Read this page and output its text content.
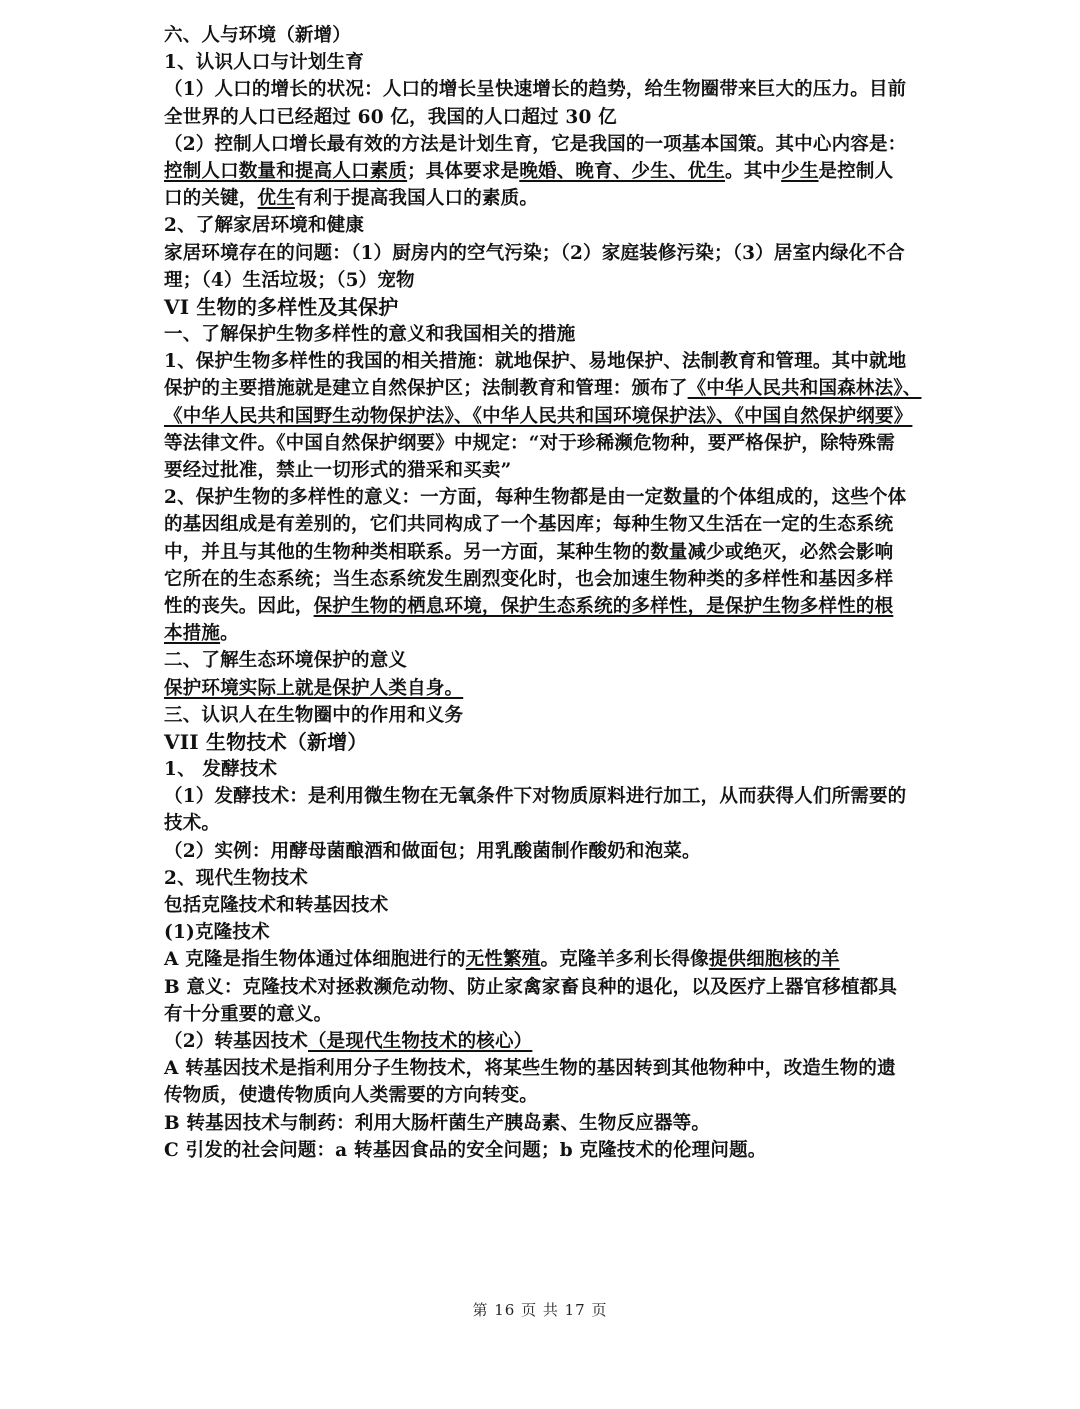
六、人与环境（新增）
1、认识人口与计划生育
（1）人口的增长的状况：人口的增长呈快速增长的趋势，给生物圈带来巨大的压力。目前
全世界的人口已经超过 60 亿，我国的人口超过 30 亿
（2）控制人口增长最有效的方法是计划生育，它是我国的一项基本国策。其中心内容是：
控制人口数量和提高人口素质；具体要求是晚婚、晚育、少生、优生。其中少生是控制人
口的关键，优生有利于提高我国人口的素质。
2、了解家居环境和健康
家居环境存在的问题：（1）厨房内的空气污染；（2）家庭装修污染；（3）居室内绿化不合
理；（4）生活垃圾；（5）宠物
VI 生物的多样性及其保护
一、了解保护生物多样性的意义和我国相关的措施
1、保护生物多样性的我国的相关措施：就地保护、易地保护、法制教育和管理。其中就地
保护的主要措施就是建立自然保护区；法制教育和管理：颁布了《中华人民共和国森林法》、
《中华人民共和国野生动物保护法》、《中华人民共和国环境保护法》、《中国自然保护纲要》
等法律文件。《中国自然保护纲要》中规定：“对于珍稀濒危物种，要严格保护，除特殊需
要经过批准，禁止一切形式的猎采和买卖”
2、保护生物的多样性的意义：一方面，每种生物都是由一定数量的个体组成的，这些个体
的基因组成是有差别的，它们共同构成了一个基因库；每种生物又生活在一定的生态系统
中，并且与其他的生物种类相联系。另一方面，某种生物的数量减少或绝灭，必然会影响
它所在的生态系统；当生态系统发生剧烈变化时，也会加速生物种类的多样性和基因多样
性的丧失。因此，保护生物的栖息环境，保护生态系统的多样性，是保护生物多样性的根
本措施。
二、了解生态环境保护的意义
保护环境实际上就是保护人类自身。
三、认识人在生物圈中的作用和义务
VII 生物技术（新增）
1、 发酵技术
（1）发酵技术：是利用微生物在无氧条件下对物质原料进行加工，从而获得人们所需要的
技术。
（2）实例：用酵母菌酿酒和做面包；用乳酸菌制作酸奶和泡菜。
2、现代生物技术
包括克隆技术和转基因技术
(1)克隆技术
A 克隆是指生物体通过体细胞进行的无性繁殖。克隆羊多利长得像提供细胞核的羊
B 意义：克隆技术对拯救濒危动物、防止家禽家畜良种的退化，以及医疗上器官移植都具
有十分重要的意义。
（2）转基因技术（是现代生物技术的核心）
A 转基因技术是指利用分子生物技术，将某些生物的基因转到其他物种中，改造生物的遗
传物质，使遗传物质向人类需要的方向转变。
B 转基因技术与制药：利用大肠杆菌生产胰岛素、生物反应器等。
C 引发的社会问题：a 转基因食品的安全问题；b 克隆技术的伦理问题。
第 16 页 共 17 页
